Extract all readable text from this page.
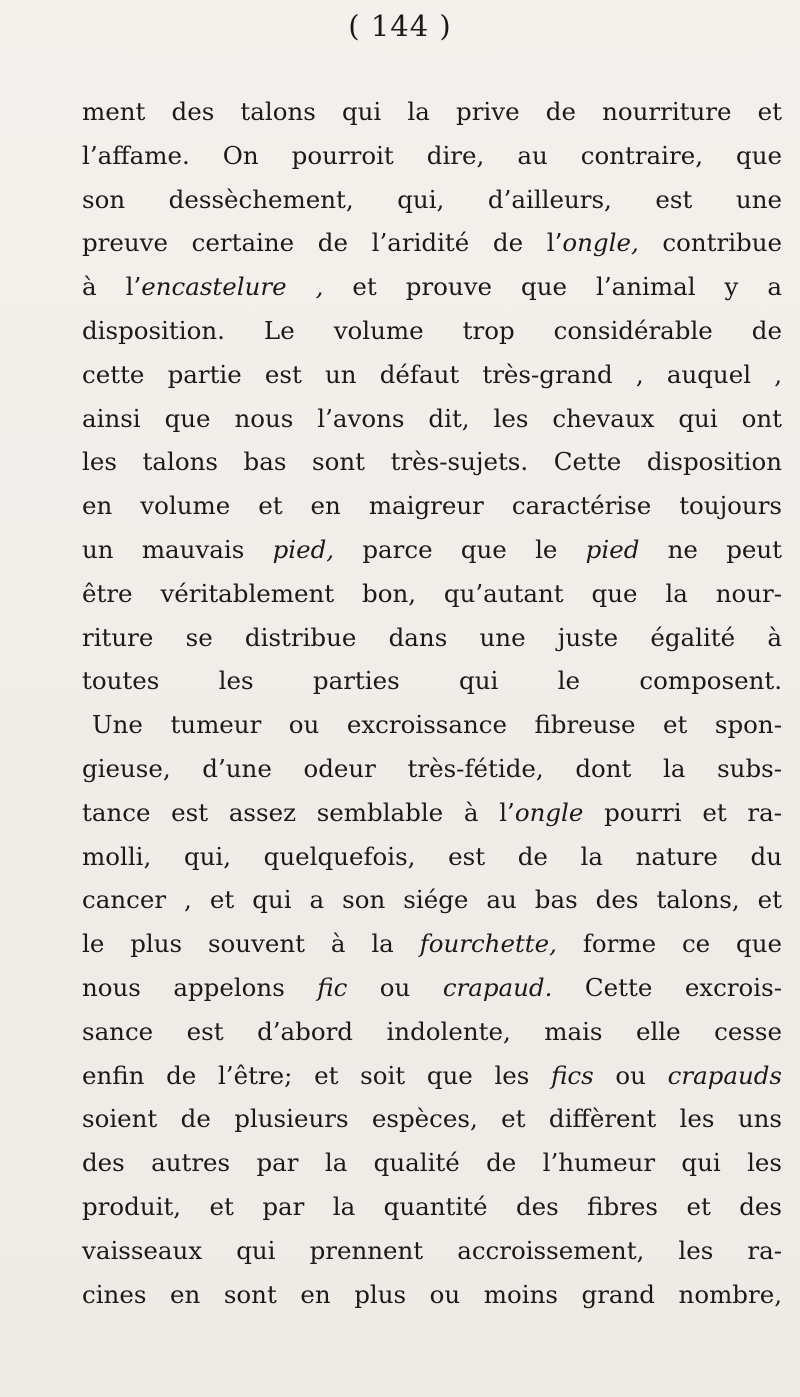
( 144 )
ment des talons qui la prive de nourriture et
l’affame. On pourroit dire, au contraire, que
son dessèchement, qui, d’ailleurs, est une
preuve certaine de l’aridité de l’ongle, contribue
à l’encastelure , et prouve que l’animal y a
disposition. Le volume trop considérable de
cette partie est un défaut très-grand , auquel ,
ainsi que nous l’avons dit, les chevaux qui ont
les talons bas sont très-sujets. Cette disposition
en volume et en maigreur caractérise toujours
un mauvais pied, parce que le pied ne peut
être véritablement bon, qu’autant que la nour-
riture se distribue dans une juste égalité à
toutes les parties qui le composent.
Une tumeur ou excroissance fibreuse et spon-
gieuse, d’une odeur très-fétide, dont la subs-
tance est assez semblable à l’ongle pourri et ra-
molli, qui, quelquefois, est de la nature du
cancer , et qui a son siége au bas des talons, et
le plus souvent à la fourchette, forme ce que
nous appelons fic ou crapaud. Cette excrois-
sance est d’abord indolente, mais elle cesse
enfin de l’être; et soit que les fics ou crapauds
soient de plusieurs espèces, et diffèrent les uns
des autres par la qualité de l’humeur qui les
produit, et par la quantité des fibres et des
vaisseaux qui prennent accroissement, les ra-
cines en sont en plus ou moins grand nombre,
